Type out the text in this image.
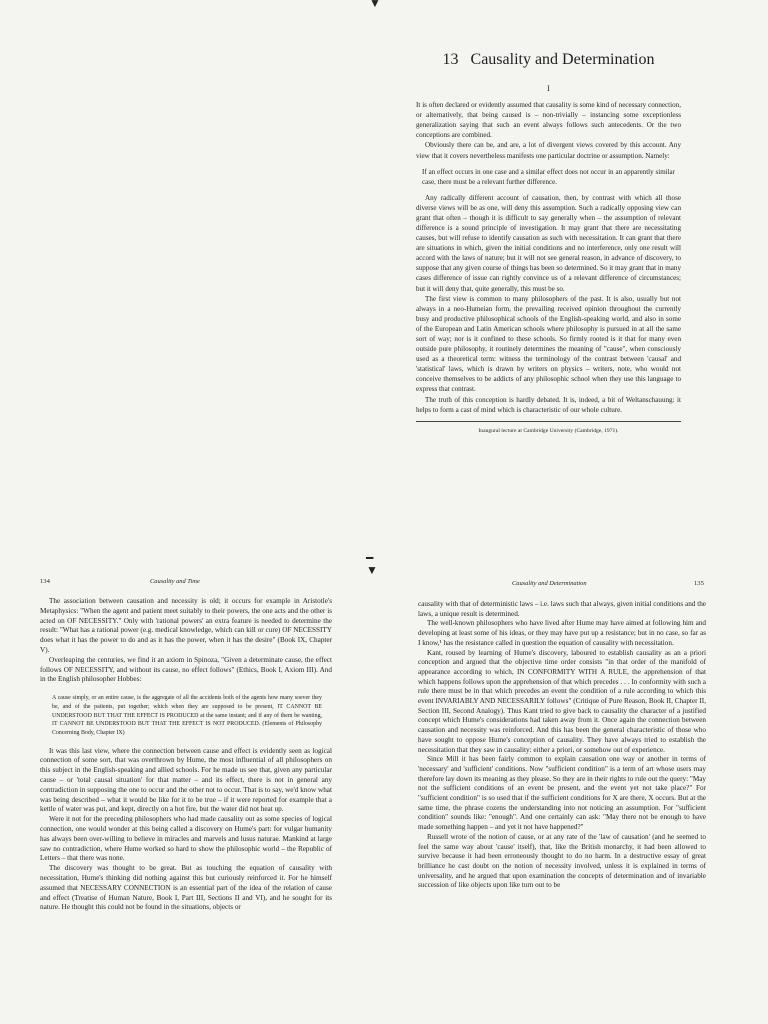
▼
━
▼
13 Causality and Determination
I

It is often declared or evidently assumed that causality is some kind of necessary connection, or alternatively, that being caused is – non-trivially – instancing some exceptionless generalization saying that such an event always follows such antecedents. Or the two conceptions are combined.

Obviously there can be, and are, a lot of divergent views covered by this account. Any view that it covers nevertheless manifests one particular doctrine or assumption. Namely:

If an effect occurs in one case and a similar effect does not occur in an apparently similar case, there must be a relevant further difference.

Any radically different account of causation, then, by contrast with which all those diverse views will be as one, will deny this assumption. Such a radically opposing view can grant that often – though it is difficult to say generally when – the assumption of relevant difference is a sound principle of investigation. It may grant that there are necessitating causes, but will refuse to identify causation as such with necessitation. It can grant that there are situations in which, given the initial conditions and no interference, only one result will accord with the laws of nature; but it will not see general reason, in advance of discovery, to suppose that any given course of things has been so determined. So it may grant that in many cases difference of issue can rightly convince us of a relevant difference of circumstances; but it will deny that, quite generally, this must be so.

The first view is common to many philosophers of the past. It is also, usually but not always in a neo-Humeian form, the prevailing received opinion throughout the currently busy and productive philosophical schools of the English-speaking world, and also in some of the European and Latin American schools where philosophy is pursued in at all the same sort of way; nor is it confined to these schools. So firmly rooted is it that for many even outside pure philosophy, it routinely determines the meaning of "cause", when consciously used as a theoretical term: witness the terminology of the contrast between 'causal' and 'statistical' laws, which is drawn by writers on physics – writers, note, who would not conceive themselves to be addicts of any philosophic school when they use this language to express that contrast.

The truth of this conception is hardly debated. It is, indeed, a bit of Weltanschauung: it helps to form a cast of mind which is characteristic of our whole culture.

Inaugural lecture at Cambridge University (Cambridge, 1971).
134	Causality and Time

The association between causation and necessity is old; it occurs for example in Aristotle's Metaphysics: "When the agent and patient meet suitably to their powers, the one acts and the other is acted on OF NECESSITY." Only with 'rational powers' an extra feature is needed to determine the result: "What has a rational power (e.g. medical knowledge, which can kill or cure) OF NECESSITY does what it has the power to do and as it has the power, when it has the desire" (Book IX, Chapter V).

Overleaping the centuries, we find it an axiom in Spinoza, "Given a determinate cause, the effect follows OF NECESSITY, and without its cause, no effect follows" (Ethics, Book I, Axiom III). And in the English philosopher Hobbes:

A cause simply, or an entire cause, is the aggregate of all the accidents both of the agents how many soever they be, and of the patients, put together; which when they are supposed to be present, IT CANNOT BE UNDERSTOOD BUT THAT THE EFFECT IS PRODUCED at the same instant; and if any of them be wanting, IT CANNOT BE UNDERSTOOD BUT THAT THE EFFECT IS NOT PRODUCED. (Elements of Philosophy Concerning Body, Chapter IX)

It was this last view, where the connection between cause and effect is evidently seen as logical connection of some sort, that was overthrown by Hume, the most influential of all philosophers on this subject in the English-speaking and allied schools. For he made us see that, given any particular cause – or 'total causal situation' for that matter – and its effect, there is not in general any contradiction in supposing the one to occur and the other not to occur. That is to say, we'd know what was being described – what it would be like for it to be true – if it were reported for example that a kettle of water was put, and kept, directly on a hot fire, but the water did not heat up.

Were it not for the preceding philosophers who had made causality out as some species of logical connection, one would wonder at this being called a discovery on Hume's part: for vulgar humanity has always been over-willing to believe in miracles and marvels and lusus naturae. Mankind at large saw no contradiction, where Hume worked so hard to show the philosophic world – the Republic of Letters – that there was none.

The discovery was thought to be great. But as touching the equation of causality with necessitation, Hume's thinking did nothing against this but curiously reinforced it. For he himself assumed that NECESSARY CONNECTION is an essential part of the idea of the relation of cause and effect (Treatise of Human Nature, Book I, Part III, Sections II and VI), and he sought for its nature. He thought this could not be found in the situations, objects or

Causality and Determination	135

causality with that of deterministic laws – i.e. laws such that always, given initial conditions and the laws, a unique result is determined.

The well-known philosophers who have lived after Hume may have aimed at following him and developing at least some of his ideas, or they may have put up a resistance; but in no case, so far as I know,¹ has the resistance called in question the equation of causality with necessitation.

Kant, roused by learning of Hume's discovery, laboured to establish causality as an a priori conception and argued that the objective time order consists "in that order of the manifold of appearance according to which, IN CONFORMITY WITH A RULE, the apprehension of that which happens follows upon the apprehension of that which precedes . . . In conformity with such a rule there must be in that which precedes an event the condition of a rule according to which this event INVARIABLY AND NECESSARILY follows" (Critique of Pure Reason, Book II, Chapter II, Section III, Second Analogy). Thus Kant tried to give back to causality the character of a justified concept which Hume's considerations had taken away from it. Once again the connection between causation and necessity was reinforced. And this has been the general characteristic of those who have sought to oppose Hume's conception of causality. They have always tried to establish the necessitation that they saw in causality: either a priori, or somehow out of experience.

Since Mill it has been fairly common to explain causation one way or another in terms of 'necessary' and 'sufficient' conditions. Now "sufficient condition" is a term of art whose users may therefore lay down its meaning as they please. So they are in their rights to rule out the query: "May not the sufficient conditions of an event be present, and the event yet not take place?" For "sufficient condition" is so used that if the sufficient conditions for X are there, X occurs. But at the same time, the phrase cozens the understanding into not noticing an assumption. For "sufficient condition" sounds like: "enough". And one certainly can ask: "May there not be enough to have made something happen – and yet it not have happened?"

Russell wrote of the notion of cause, or at any rate of the 'law of causation' (and he seemed to feel the same way about 'cause' itself), that, like the British monarchy, it had been allowed to survive because it had been erroneously thought to do no harm. In a destructive essay of great brilliance he cast doubt on the notion of necessity involved, unless it is explained in terms of universality, and he argued that upon examination the concepts of determination and of invariable succession of like objects upon like turn out to be
